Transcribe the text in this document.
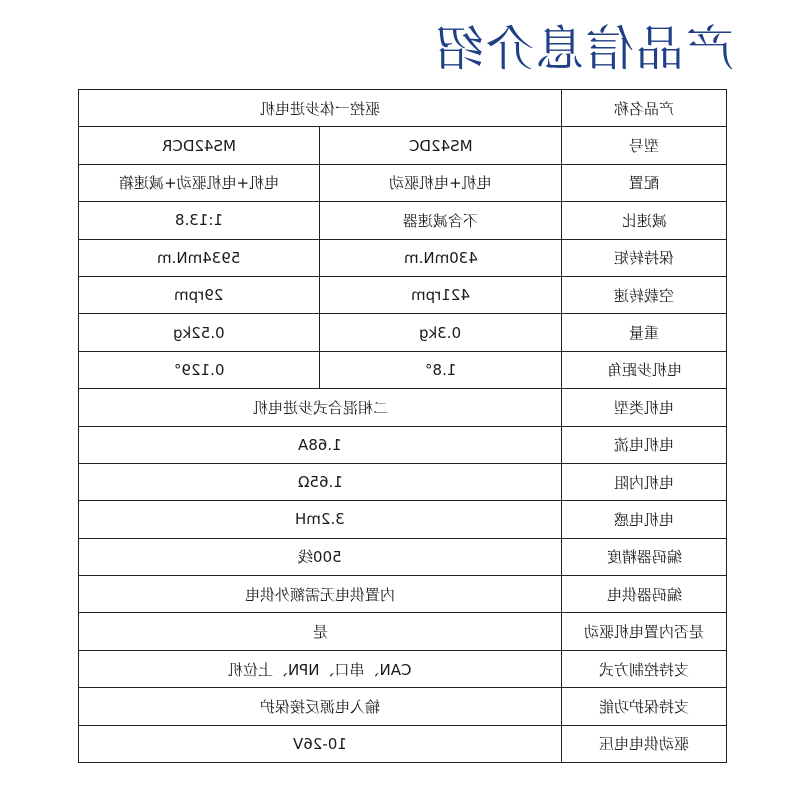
产品信息介绍
驱控一体步进电机		产品名称
MS42DCR	MS42DC	型号
电机+电机驱动+减速箱	电机+电机驱动	配置
1:13.8	不含减速器	减速比
5934mN.m	430mN.m	保持转矩
29rpm	421rpm	空载转速
0.52kg	0.3kg	重量
0.129°	1.8°	电机步距角
二相混合式步进电机		电机类型
1.68A		电机电流
1.65Ω		电机内阻
3.2mH		电机电感
500线		编码器精度
内置供电无需额外供电		编码器供电
是		是否内置电机驱动
CAN、串口、NPN、上位机		支持控制方式
输入电源反接保护		支持保护功能
10-26V		驱动供电电压
